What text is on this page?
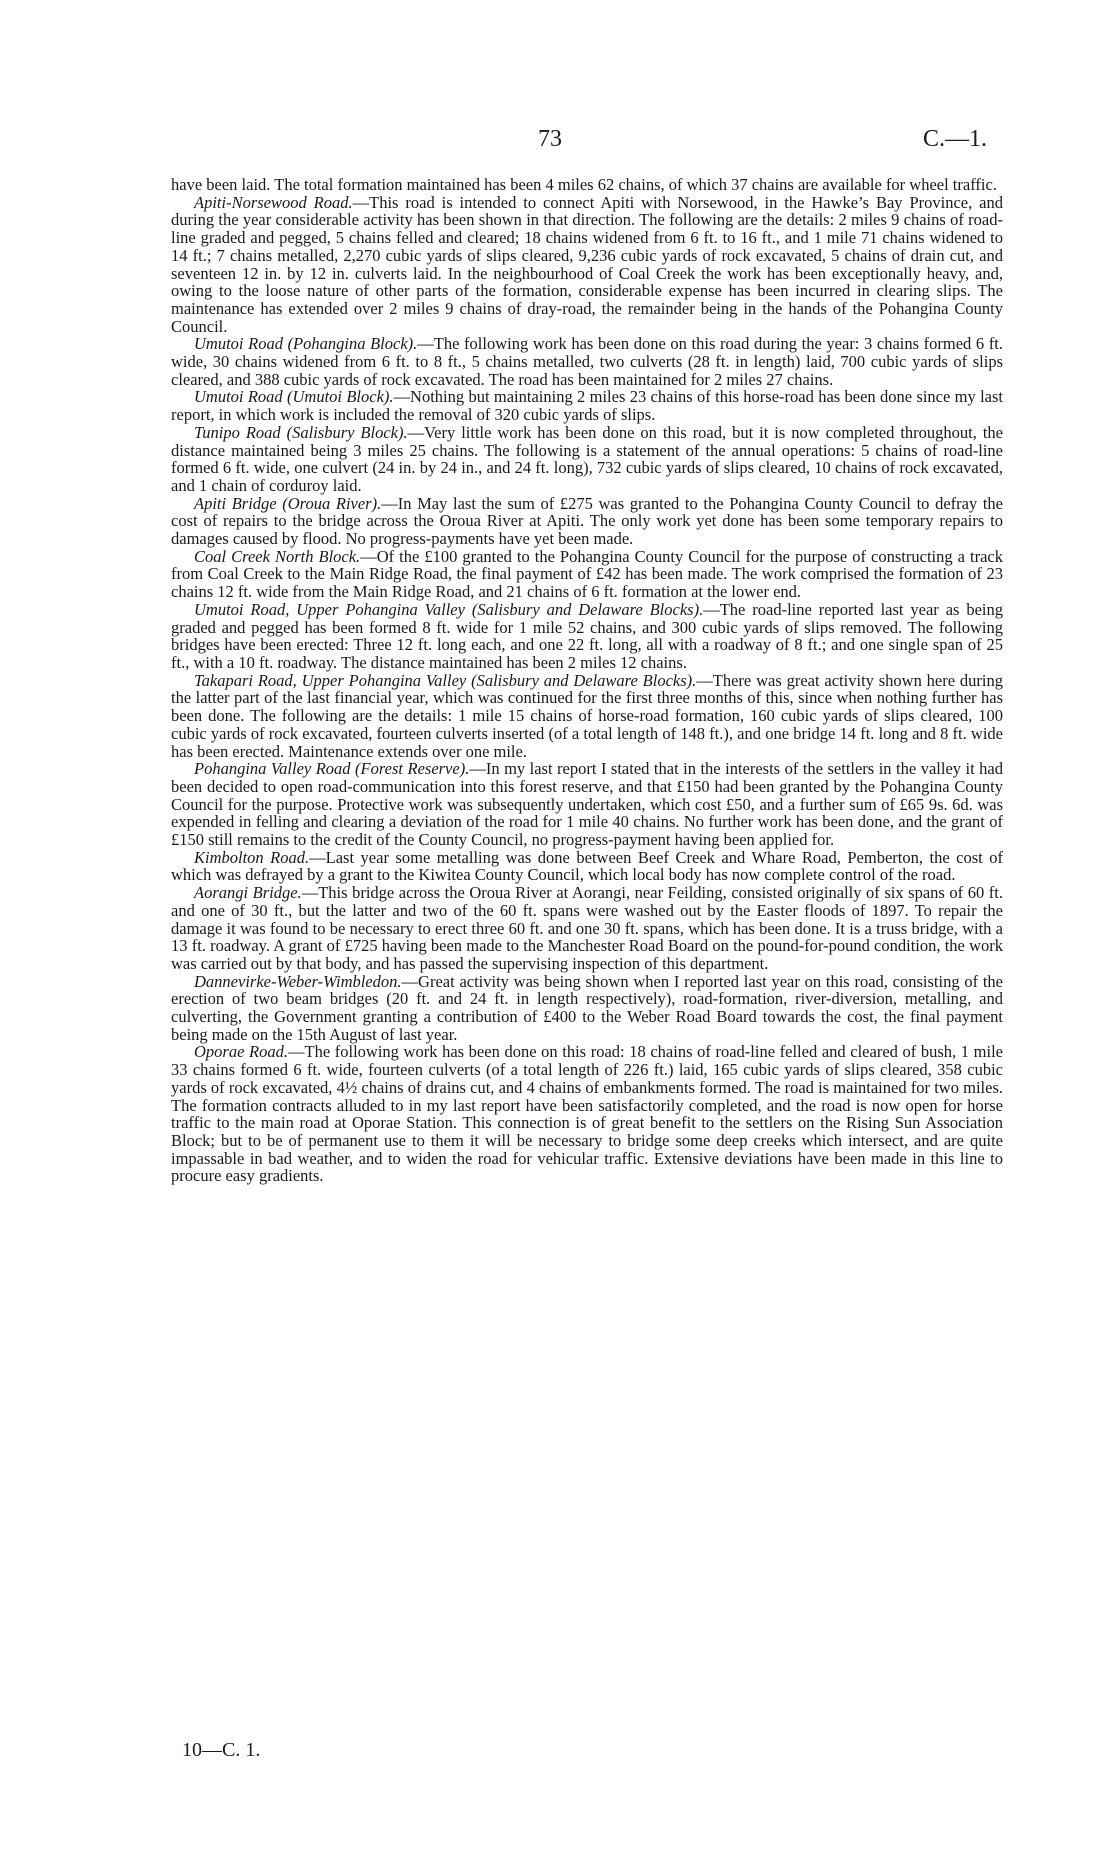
73	C.—1.

have been laid. The total formation maintained has been 4 miles 62 chains, of which 37 chains are available for wheel traffic.

Apiti-Norsewood Road.—This road is intended to connect Apiti with Norsewood, in the Hawke’s Bay Province, and during the year considerable activity has been shown in that direction. The following are the details: 2 miles 9 chains of road-line graded and pegged, 5 chains felled and cleared; 18 chains widened from 6 ft. to 16 ft., and 1 mile 71 chains widened to 14 ft.; 7 chains metalled, 2,270 cubic yards of slips cleared, 9,236 cubic yards of rock excavated, 5 chains of drain cut, and seventeen 12 in. by 12 in. culverts laid. In the neighbourhood of Coal Creek the work has been exceptionally heavy, and, owing to the loose nature of other parts of the formation, considerable expense has been incurred in clearing slips. The maintenance has extended over 2 miles 9 chains of dray-road, the remainder being in the hands of the Pohangina County Council.

Umutoi Road (Pohangina Block).—The following work has been done on this road during the year: 3 chains formed 6 ft. wide, 30 chains widened from 6 ft. to 8 ft., 5 chains metalled, two culverts (28 ft. in length) laid, 700 cubic yards of slips cleared, and 388 cubic yards of rock excavated. The road has been maintained for 2 miles 27 chains.

Umutoi Road (Umutoi Block).—Nothing but maintaining 2 miles 23 chains of this horse-road has been done since my last report, in which work is included the removal of 320 cubic yards of slips.

Tunipo Road (Salisbury Block).—Very little work has been done on this road, but it is now completed throughout, the distance maintained being 3 miles 25 chains. The following is a statement of the annual operations: 5 chains of road-line formed 6 ft. wide, one culvert (24 in. by 24 in., and 24 ft. long), 732 cubic yards of slips cleared, 10 chains of rock excavated, and 1 chain of corduroy laid.

Apiti Bridge (Oroua River).—In May last the sum of £275 was granted to the Pohangina County Council to defray the cost of repairs to the bridge across the Oroua River at Apiti. The only work yet done has been some temporary repairs to damages caused by flood. No progress-payments have yet been made.

Coal Creek North Block.—Of the £100 granted to the Pohangina County Council for the purpose of constructing a track from Coal Creek to the Main Ridge Road, the final payment of £42 has been made. The work comprised the formation of 23 chains 12 ft. wide from the Main Ridge Road, and 21 chains of 6 ft. formation at the lower end.

Umutoi Road, Upper Pohangina Valley (Salisbury and Delaware Blocks).—The road-line reported last year as being graded and pegged has been formed 8 ft. wide for 1 mile 52 chains, and 300 cubic yards of slips removed. The following bridges have been erected: Three 12 ft. long each, and one 22 ft. long, all with a roadway of 8 ft.; and one single span of 25 ft., with a 10 ft. roadway. The distance maintained has been 2 miles 12 chains.

Takapari Road, Upper Pohangina Valley (Salisbury and Delaware Blocks).—There was great activity shown here during the latter part of the last financial year, which was continued for the first three months of this, since when nothing further has been done. The following are the details: 1 mile 15 chains of horse-road formation, 160 cubic yards of slips cleared, 100 cubic yards of rock excavated, fourteen culverts inserted (of a total length of 148 ft.), and one bridge 14 ft. long and 8 ft. wide has been erected. Maintenance extends over one mile.

Pohangina Valley Road (Forest Reserve).—In my last report I stated that in the interests of the settlers in the valley it had been decided to open road-communication into this forest reserve, and that £150 had been granted by the Pohangina County Council for the purpose. Protective work was subsequently undertaken, which cost £50, and a further sum of £65 9s. 6d. was expended in felling and clearing a deviation of the road for 1 mile 40 chains. No further work has been done, and the grant of £150 still remains to the credit of the County Council, no progress-payment having been applied for.

Kimbolton Road.—Last year some metalling was done between Beef Creek and Whare Road, Pemberton, the cost of which was defrayed by a grant to the Kiwitea County Council, which local body has now complete control of the road.

Aorangi Bridge.—This bridge across the Oroua River at Aorangi, near Feilding, consisted originally of six spans of 60 ft. and one of 30 ft., but the latter and two of the 60 ft. spans were washed out by the Easter floods of 1897. To repair the damage it was found to be necessary to erect three 60 ft. and one 30 ft. spans, which has been done. It is a truss bridge, with a 13 ft. roadway. A grant of £725 having been made to the Manchester Road Board on the pound-for-pound condition, the work was carried out by that body, and has passed the supervising inspection of this department.

Dannevirke-Weber-Wimbledon.—Great activity was being shown when I reported last year on this road, consisting of the erection of two beam bridges (20 ft. and 24 ft. in length respectively), road-formation, river-diversion, metalling, and culverting, the Government granting a contribution of £400 to the Weber Road Board towards the cost, the final payment being made on the 15th August of last year.

Oporae Road.—The following work has been done on this road: 18 chains of road-line felled and cleared of bush, 1 mile 33 chains formed 6 ft. wide, fourteen culverts (of a total length of 226 ft.) laid, 165 cubic yards of slips cleared, 358 cubic yards of rock excavated, 4½ chains of drains cut, and 4 chains of embankments formed. The road is maintained for two miles. The formation contracts alluded to in my last report have been satisfactorily completed, and the road is now open for horse traffic to the main road at Oporae Station. This connection is of great benefit to the settlers on the Rising Sun Association Block; but to be of permanent use to them it will be necessary to bridge some deep creeks which intersect, and are quite impassable in bad weather, and to widen the road for vehicular traffic. Extensive deviations have been made in this line to procure easy gradients.

10—C. 1.
